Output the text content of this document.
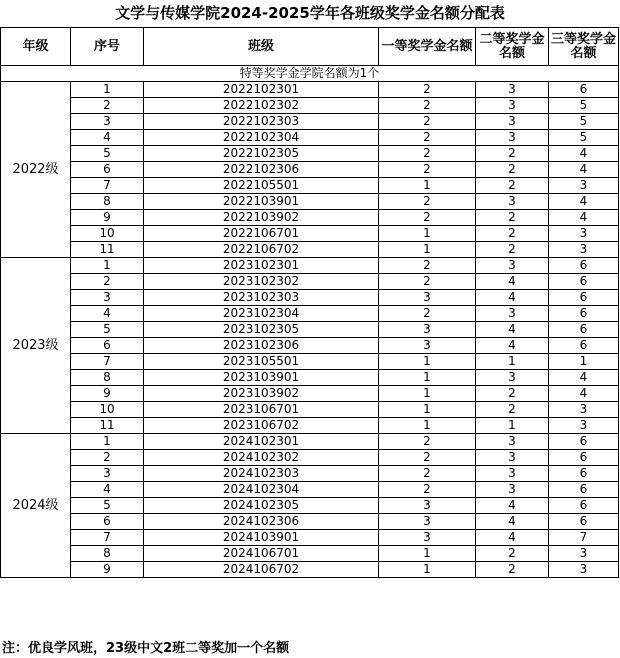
文学与传媒学院2024-2025学年各班级奖学金名额分配表
年级	序号	班级	一等奖学金名额	二等奖学金名额	三等奖学金名额
特等奖学金学院名额为1个					
2022级	1	2022102301	2	3	6
	2	2022102302	2	3	5
	3	2022102303	2	3	5
	4	2022102304	2	3	5
	5	2022102305	2	2	4
	6	2022102306	2	2	4
	7	2022105501	1	2	3
	8	2022103901	2	3	4
	9	2022103902	2	2	4
	10	2022106701	1	2	3
	11	2022106702	1	2	3
2023级	1	2023102301	2	3	6
	2	2023102302	2	4	6
	3	2023102303	3	4	6
	4	2023102304	2	3	6
	5	2023102305	3	4	6
	6	2023102306	3	4	6
	7	2023105501	1	1	1
	8	2023103901	1	3	4
	9	2023103902	1	2	4
	10	2023106701	1	2	3
	11	2023106702	1	1	3
2024级	1	2024102301	2	3	6
	2	2024102302	2	3	6
	3	2024102303	2	3	6
	4	2024102304	2	3	6
	5	2024102305	3	4	6
	6	2024102306	3	4	6
	7	2024103901	3	4	7
	8	2024106701	1	2	3
	9	2024106702	1	2	3
注：优良学风班，23级中文2班二等奖加一个名额
